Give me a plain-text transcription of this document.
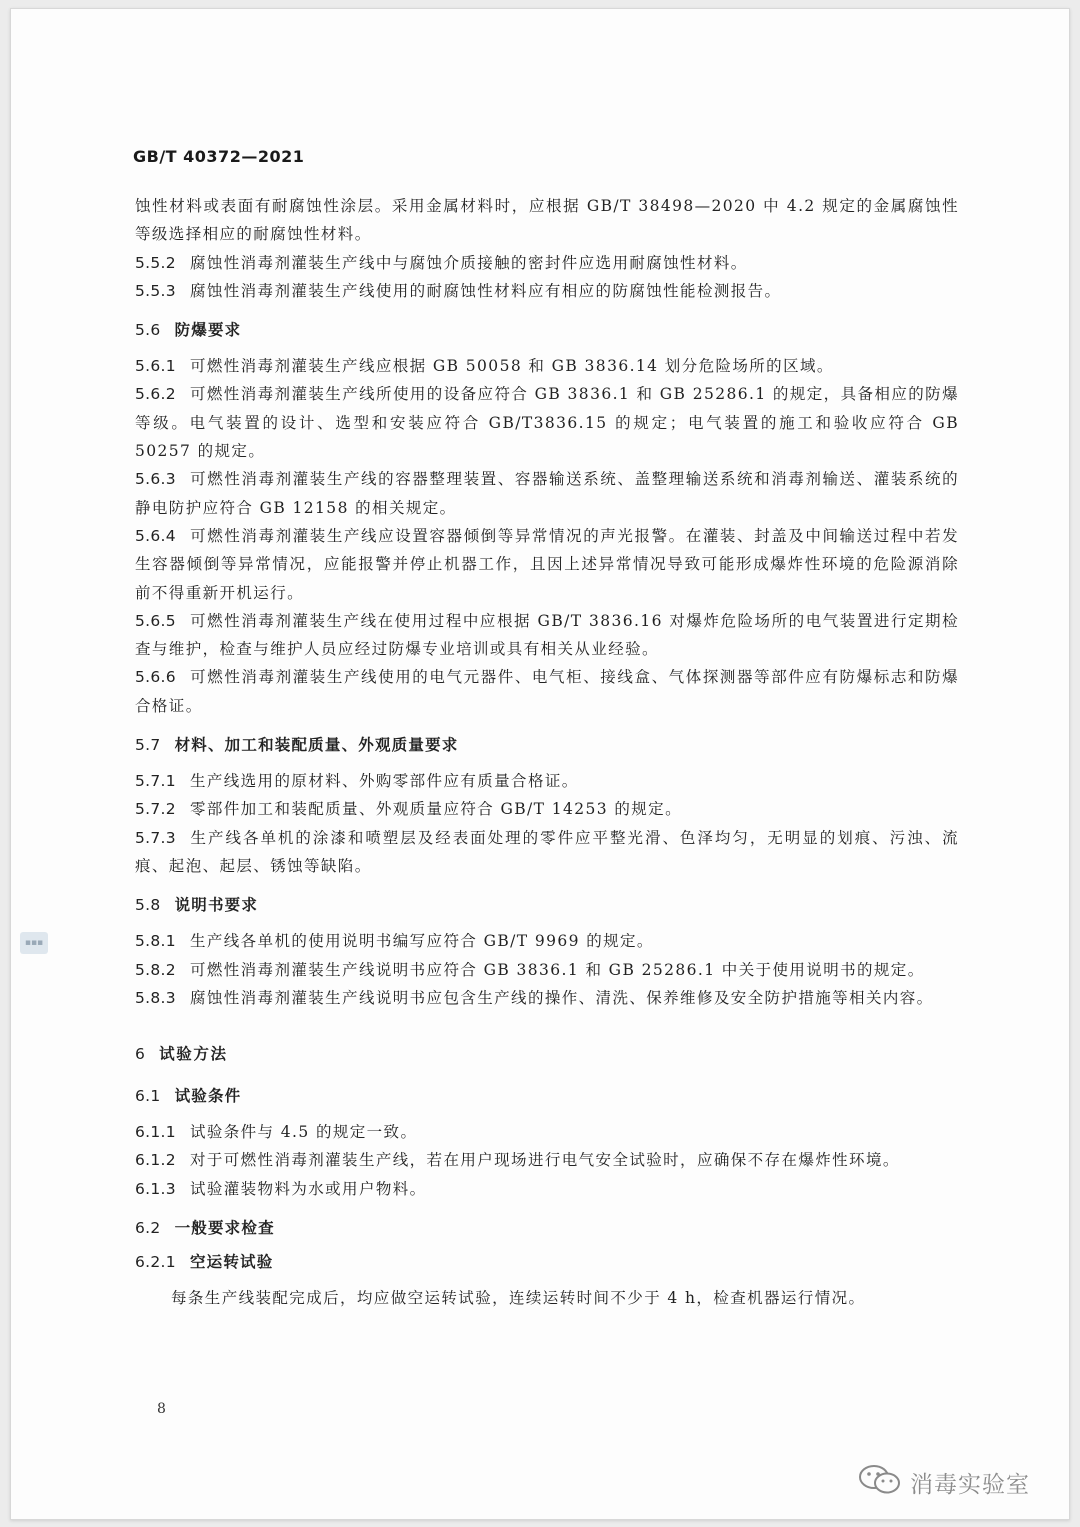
GB/T 40372—2021

蚀性材料或表面有耐腐蚀性涂层。采用金属材料时，应根据 GB/T 38498—2020 中 4.2 规定的金属腐蚀性等级选择相应的耐腐蚀性材料。

5.5.2 腐蚀性消毒剂灌装生产线中与腐蚀介质接触的密封件应选用耐腐蚀性材料。

5.5.3 腐蚀性消毒剂灌装生产线使用的耐腐蚀性材料应有相应的防腐蚀性能检测报告。

5.6 防爆要求

5.6.1 可燃性消毒剂灌装生产线应根据 GB 50058 和 GB 3836.14 划分危险场所的区域。

5.6.2 可燃性消毒剂灌装生产线所使用的设备应符合 GB 3836.1 和 GB 25286.1 的规定，具备相应的防爆等级。电气装置的设计、选型和安装应符合 GB/T3836.15 的规定；电气装置的施工和验收应符合 GB 50257 的规定。

5.6.3 可燃性消毒剂灌装生产线的容器整理装置、容器输送系统、盖整理输送系统和消毒剂输送、灌装系统的静电防护应符合 GB 12158 的相关规定。

5.6.4 可燃性消毒剂灌装生产线应设置容器倾倒等异常情况的声光报警。在灌装、封盖及中间输送过程中若发生容器倾倒等异常情况，应能报警并停止机器工作，且因上述异常情况导致可能形成爆炸性环境的危险源消除前不得重新开机运行。

5.6.5 可燃性消毒剂灌装生产线在使用过程中应根据 GB/T 3836.16 对爆炸危险场所的电气装置进行定期检查与维护，检查与维护人员应经过防爆专业培训或具有相关从业经验。

5.6.6 可燃性消毒剂灌装生产线使用的电气元器件、电气柜、接线盒、气体探测器等部件应有防爆标志和防爆合格证。

5.7 材料、加工和装配质量、外观质量要求

5.7.1 生产线选用的原材料、外购零部件应有质量合格证。

5.7.2 零部件加工和装配质量、外观质量应符合 GB/T 14253 的规定。

5.7.3 生产线各单机的涂漆和喷塑层及经表面处理的零件应平整光滑、色泽均匀，无明显的划痕、污浊、流痕、起泡、起层、锈蚀等缺陷。

5.8 说明书要求

5.8.1 生产线各单机的使用说明书编写应符合 GB/T 9969 的规定。

5.8.2 可燃性消毒剂灌装生产线说明书应符合 GB 3836.1 和 GB 25286.1 中关于使用说明书的规定。

5.8.3 腐蚀性消毒剂灌装生产线说明书应包含生产线的操作、清洗、保养维修及安全防护措施等相关内容。

6 试验方法

6.1 试验条件

6.1.1 试验条件与 4.5 的规定一致。

6.1.2 对于可燃性消毒剂灌装生产线，若在用户现场进行电气安全试验时，应确保不存在爆炸性环境。

6.1.3 试验灌装物料为水或用户物料。

6.2 一般要求检查

6.2.1 空运转试验

每条生产线装配完成后，均应做空运转试验，连续运转时间不少于 4 h，检查机器运行情况。

8
▪▪▪
消毒实验室
